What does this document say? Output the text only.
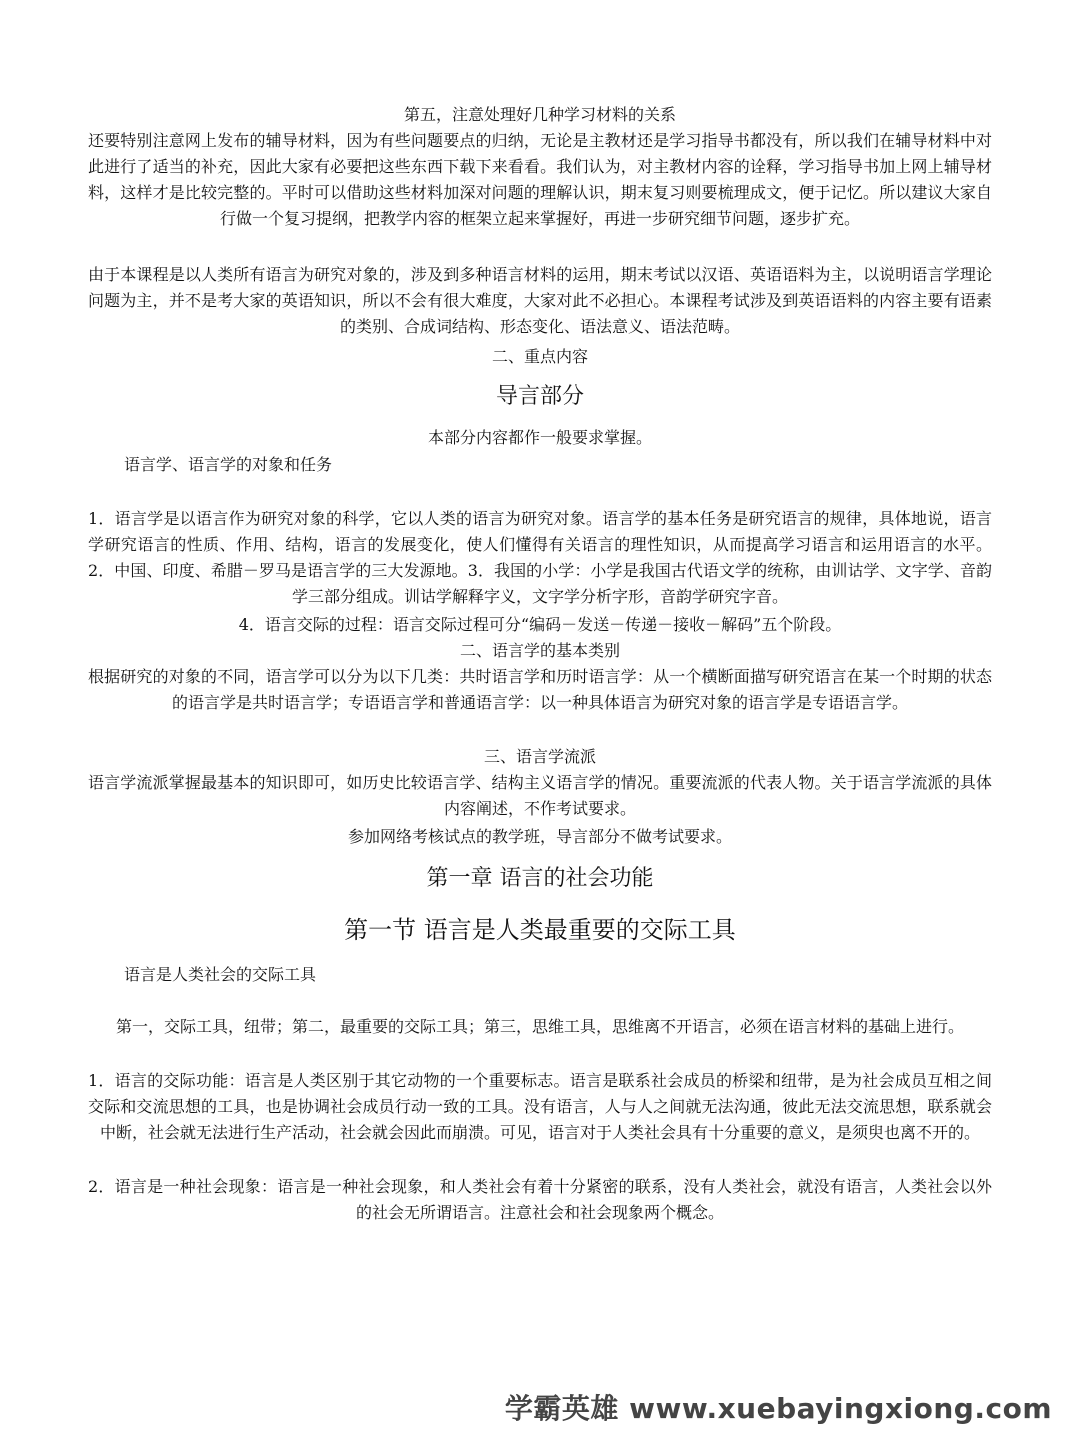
第五，注意处理好几种学习材料的关系
还要特别注意网上发布的辅导材料，因为有些问题要点的归纳，无论是主教材还是学习指导书都没有，所以我们在辅导材料中对此进行了适当的补充，因此大家有必要把这些东西下载下来看看。我们认为，对主教材内容的诠释，学习指导书加上网上辅导材料，这样才是比较完整的。平时可以借助这些材料加深对问题的理解认识，期末复习则要梳理成文，便于记忆。所以建议大家自行做一个复习提纲，把教学内容的框架立起来掌握好，再进一步研究细节问题，逐步扩充。
由于本课程是以人类所有语言为研究对象的，涉及到多种语言材料的运用，期末考试以汉语、英语语料为主，以说明语言学理论问题为主，并不是考大家的英语知识，所以不会有很大难度，大家对此不必担心。本课程考试涉及到英语语料的内容主要有语素的类别、合成词结构、形态变化、语法意义、语法范畴。
二、重点内容
导言部分
本部分内容都作一般要求掌握。
语言学、语言学的对象和任务
1．语言学是以语言作为研究对象的科学，它以人类的语言为研究对象。语言学的基本任务是研究语言的规律，具体地说，语言学研究语言的性质、作用、结构，语言的发展变化，使人们懂得有关语言的理性知识，从而提高学习语言和运用语言的水平。2．中国、印度、希腊－罗马是语言学的三大发源地。3．我国的小学：小学是我国古代语文学的统称，由训诂学、文字学、音韵学三部分组成。训诂学解释字义，文字学分析字形，音韵学研究字音。
4．语言交际的过程：语言交际过程可分“编码－发送－传递－接收－解码”五个阶段。
二、语言学的基本类别
根据研究的对象的不同，语言学可以分为以下几类：共时语言学和历时语言学：从一个横断面描写研究语言在某一个时期的状态的语言学是共时语言学；专语语言学和普通语言学：以一种具体语言为研究对象的语言学是专语语言学。
三、语言学流派
语言学流派掌握最基本的知识即可，如历史比较语言学、结构主义语言学的情况。重要流派的代表人物。关于语言学流派的具体内容阐述，不作考试要求。
参加网络考核试点的教学班，导言部分不做考试要求。
第一章 语言的社会功能
第一节 语言是人类最重要的交际工具
语言是人类社会的交际工具
第一，交际工具，纽带；第二，最重要的交际工具；第三，思维工具，思维离不开语言，必须在语言材料的基础上进行。
1．语言的交际功能：语言是人类区别于其它动物的一个重要标志。语言是联系社会成员的桥梁和纽带，是为社会成员互相之间交际和交流思想的工具，也是协调社会成员行动一致的工具。没有语言，人与人之间就无法沟通，彼此无法交流思想，联系就会中断，社会就无法进行生产活动，社会就会因此而崩溃。可见，语言对于人类社会具有十分重要的意义，是须臾也离不开的。
2．语言是一种社会现象：语言是一种社会现象，和人类社会有着十分紧密的联系，没有人类社会，就没有语言，人类社会以外的社会无所谓语言。注意社会和社会现象两个概念。
学霸英雄 www.xuebayingxiong.com
